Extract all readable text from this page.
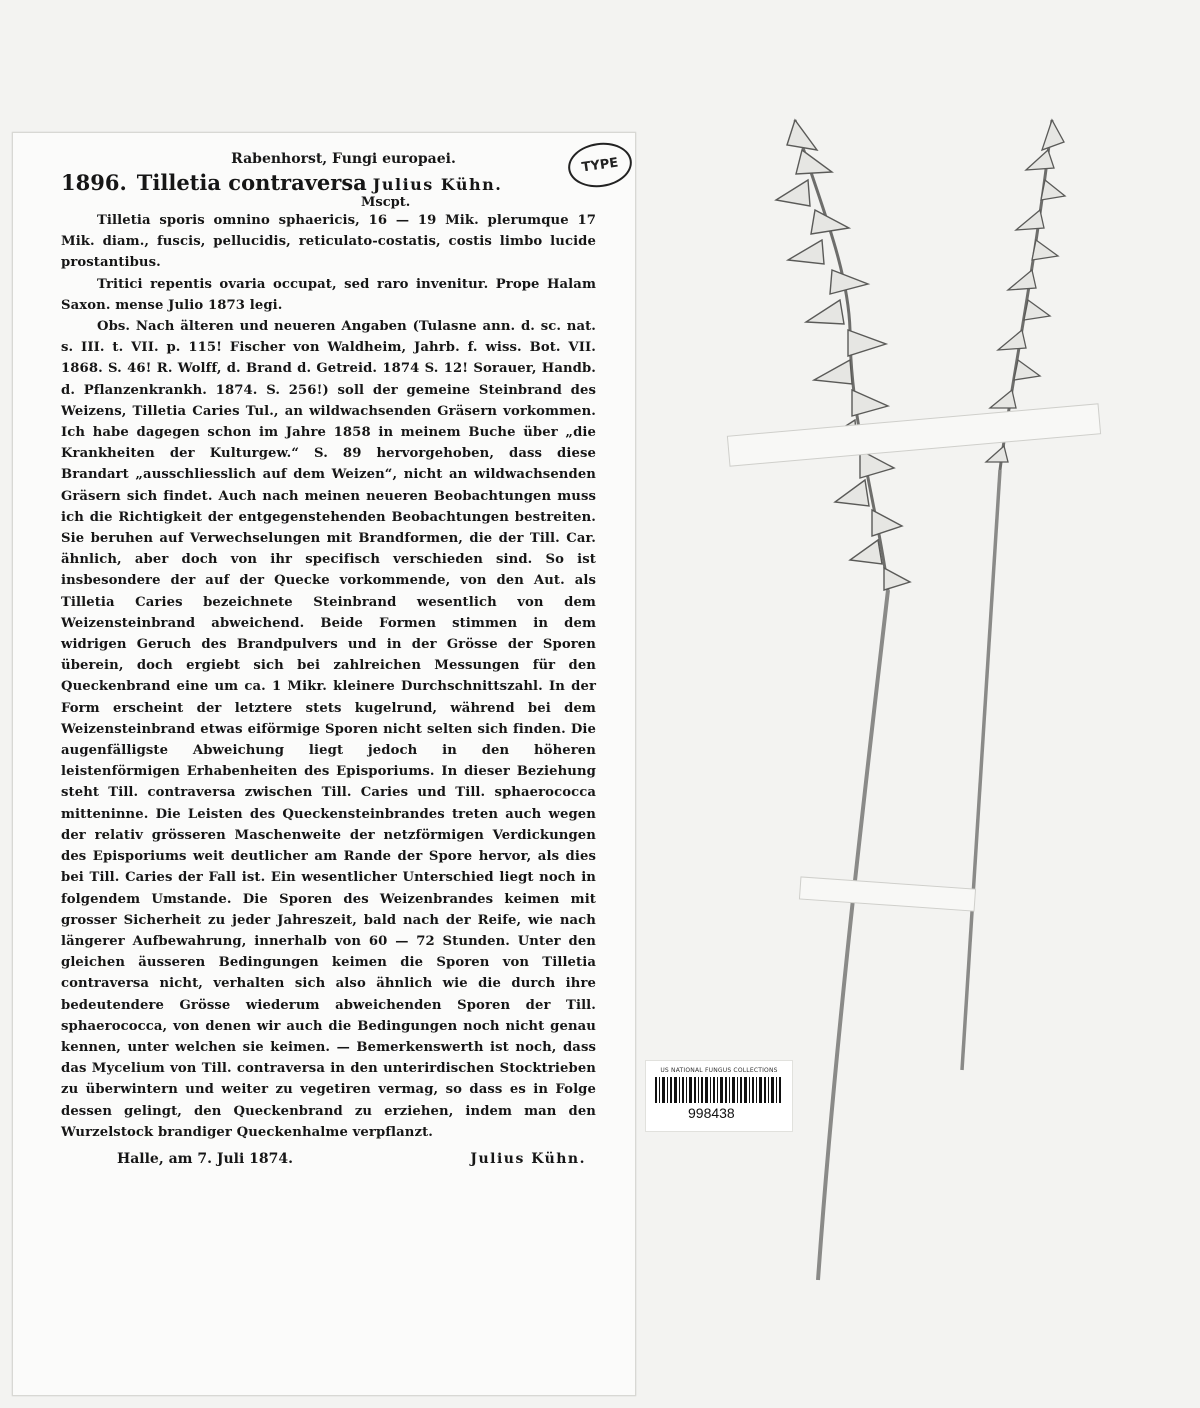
Rabenhorst, Fungi europaei.
1896. Tilletia contraversa Julius Kühn.
Mscpt.

Tilletia sporis omnino sphaericis, 16 — 19 Mik. plerumque 17 Mik. diam., fuscis, pellucidis, reticulato-costatis, costis limbo lucide prostantibus.

Tritici repentis ovaria occupat, sed raro invenitur. Prope Halam Saxon. mense Julio 1873 legi.

Obs. Nach älteren und neueren Angaben (Tulasne ann. d. sc. nat. s. III. t. VII. p. 115! Fischer von Waldheim, Jahrb. f. wiss. Bot. VII. 1868. S. 46! R. Wolff, d. Brand d. Getreid. 1874 S. 12! Sorauer, Handb. d. Pflanzenkrankh. 1874. S. 256!) soll der gemeine Steinbrand des Weizens, Tilletia Caries Tul., an wildwachsenden Gräsern vorkommen. Ich habe dagegen schon im Jahre 1858 in meinem Buche über „die Krankheiten der Kulturgew.“ S. 89 hervorgehoben, dass diese Brandart „ausschliesslich auf dem Weizen“, nicht an wildwachsenden Gräsern sich findet. Auch nach meinen neueren Beobachtungen muss ich die Richtigkeit der entgegenstehenden Beobachtungen bestreiten. Sie beruhen auf Verwechselungen mit Brandformen, die der Till. Car. ähnlich, aber doch von ihr specifisch verschieden sind. So ist insbesondere der auf der Quecke vorkommende, von den Aut. als Tilletia Caries bezeichnete Steinbrand wesentlich von dem Weizensteinbrand abweichend. Beide Formen stimmen in dem widrigen Geruch des Brandpulvers und in der Grösse der Sporen überein, doch ergiebt sich bei zahlreichen Messungen für den Queckenbrand eine um ca. 1 Mikr. kleinere Durchschnittszahl. In der Form erscheint der letztere stets kugelrund, während bei dem Weizensteinbrand etwas eiförmige Sporen nicht selten sich finden. Die augenfälligste Abweichung liegt jedoch in den höheren leistenförmigen Erhabenheiten des Episporiums. In dieser Beziehung steht Till. contraversa zwischen Till. Caries und Till. sphaerococca mitteninne. Die Leisten des Queckensteinbrandes treten auch wegen der relativ grösseren Maschenweite der netzförmigen Verdickungen des Episporiums weit deutlicher am Rande der Spore hervor, als dies bei Till. Caries der Fall ist. Ein wesentlicher Unterschied liegt noch in folgendem Umstande. Die Sporen des Weizenbrandes keimen mit grosser Sicherheit zu jeder Jahreszeit, bald nach der Reife, wie nach längerer Aufbewahrung, innerhalb von 60 — 72 Stunden. Unter den gleichen äusseren Bedingungen keimen die Sporen von Tilletia contraversa nicht, verhalten sich also ähnlich wie die durch ihre bedeutendere Grösse wiederum abweichenden Sporen der Till. sphaerococca, von denen wir auch die Bedingungen noch nicht genau kennen, unter welchen sie keimen. — Bemerkenswerth ist noch, dass das Mycelium von Till. contraversa in den unterirdischen Stocktrieben zu überwintern und weiter zu vegetiren vermag, so dass es in Folge dessen gelingt, den Queckenbrand zu erziehen, indem man den Wurzelstock brandiger Queckenhalme verpflanzt.

Halle, am 7. Juli 1874.	Julius Kühn.
TYPE
US NATIONAL FUNGUS COLLECTIONS
998438
